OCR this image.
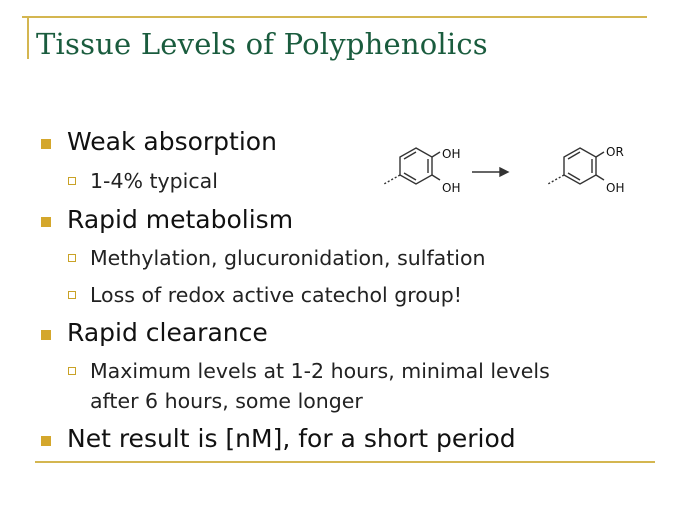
Tissue Levels of Polyphenolics
Weak absorption
1-4% typical
Rapid metabolism
Methylation, glucuronidation, sulfation
Loss of redox active catechol group!
Rapid clearance
Maximum levels at 1-2 hours, minimal levels
after 6 hours, some longer
Net result is [nM], for a short period
OH
OH
OR
OH
